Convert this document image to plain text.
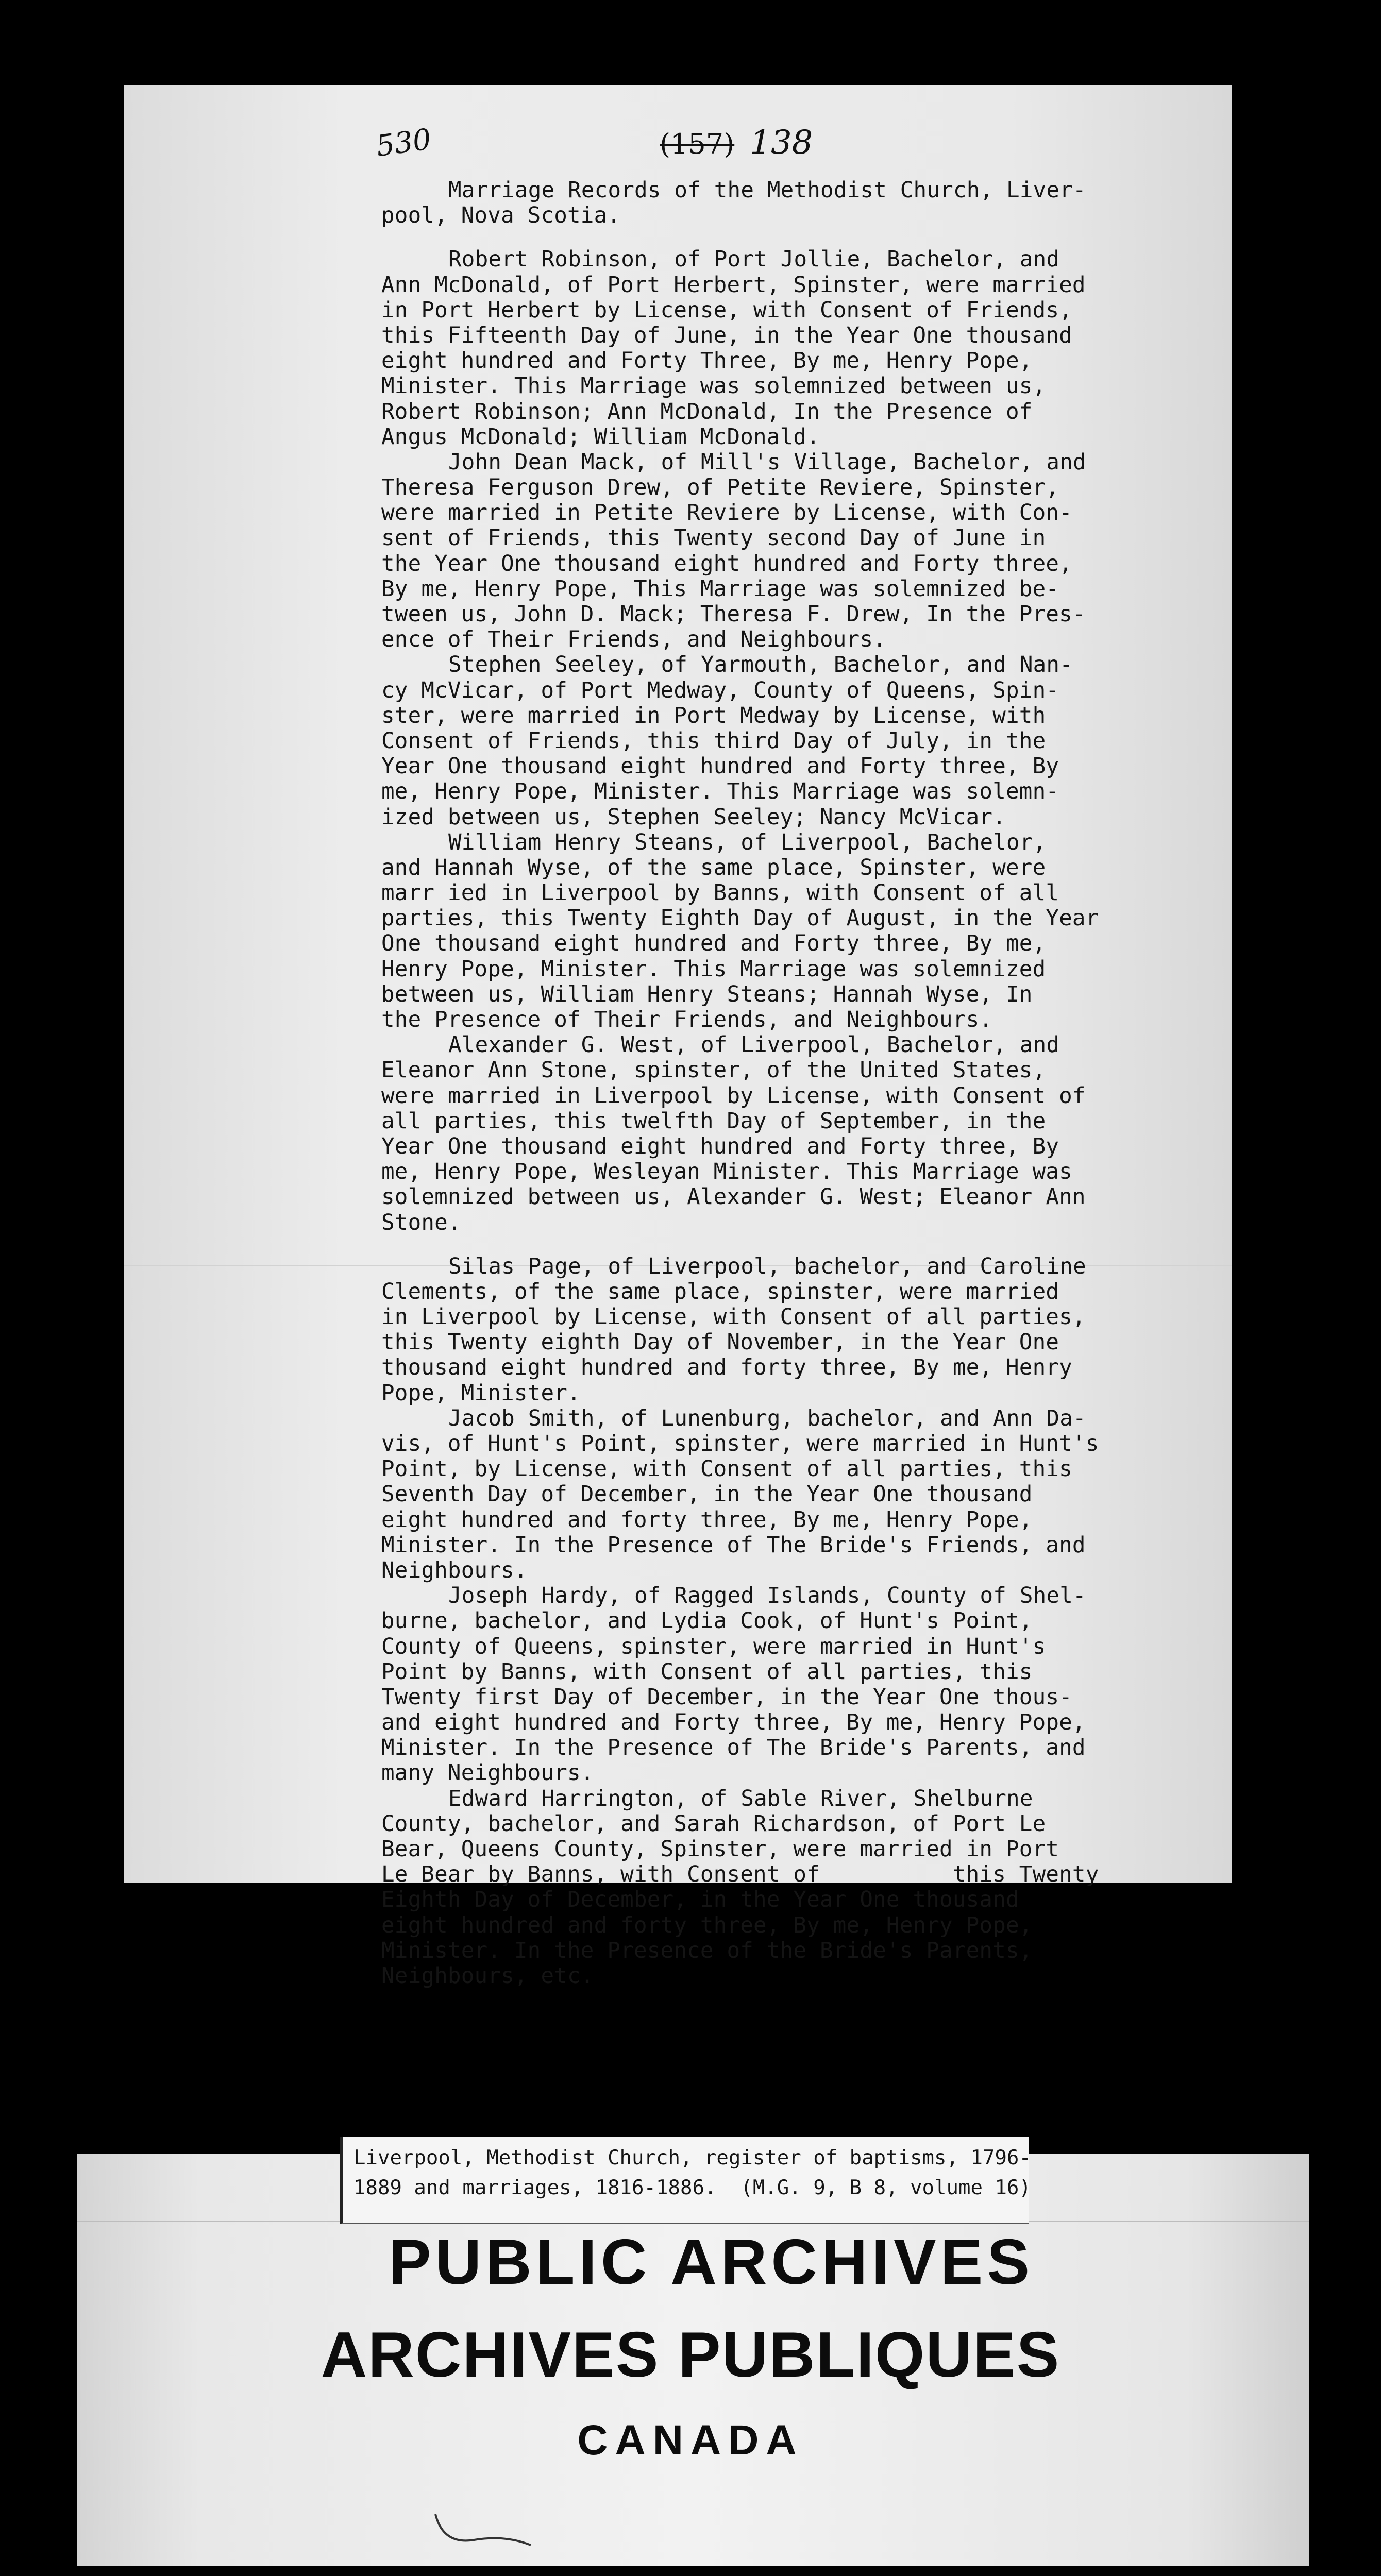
530	(157) 138
Marriage Records of the Methodist Church, Liver-
pool, Nova Scotia.
Robert Robinson, of Port Jollie, Bachelor, and
Ann McDonald, of Port Herbert, Spinster, were married
in Port Herbert by License, with Consent of Friends,
this Fifteenth Day of June, in the Year One thousand
eight hundred and Forty Three, By me, Henry Pope,
Minister. This Marriage was solemnized between us,
Robert Robinson; Ann McDonald, In the Presence of
Angus McDonald; William McDonald.
John Dean Mack, of Mill's Village, Bachelor, and
Theresa Ferguson Drew, of Petite Reviere, Spinster,
were married in Petite Reviere by License, with Con-
sent of Friends, this Twenty second Day of June in
the Year One thousand eight hundred and Forty three,
By me, Henry Pope, This Marriage was solemnized be-
tween us, John D. Mack; Theresa F. Drew, In the Pres-
ence of Their Friends, and Neighbours.
Stephen Seeley, of Yarmouth, Bachelor, and Nan-
cy McVicar, of Port Medway, County of Queens, Spin-
ster, were married in Port Medway by License, with
Consent of Friends, this third Day of July, in the
Year One thousand eight hundred and Forty three, By
me, Henry Pope, Minister. This Marriage was solemn-
ized between us, Stephen Seeley; Nancy McVicar.
William Henry Steans, of Liverpool, Bachelor,
and Hannah Wyse, of the same place, Spinster, were
marr ied in Liverpool by Banns, with Consent of all
parties, this Twenty Eighth Day of August, in the Year
One thousand eight hundred and Forty three, By me,
Henry Pope, Minister. This Marriage was solemnized
between us, William Henry Steans; Hannah Wyse, In
the Presence of Their Friends, and Neighbours.
Alexander G. West, of Liverpool, Bachelor, and
Eleanor Ann Stone, spinster, of the United States,
were married in Liverpool by License, with Consent of
all parties, this twelfth Day of September, in the
Year One thousand eight hundred and Forty three, By
me, Henry Pope, Wesleyan Minister. This Marriage was
solemnized between us, Alexander G. West; Eleanor Ann
Stone.
Silas Page, of Liverpool, bachelor, and Caroline
Clements, of the same place, spinster, were married
in Liverpool by License, with Consent of all parties,
this Twenty eighth Day of November, in the Year One
thousand eight hundred and forty three, By me, Henry
Pope, Minister.
Jacob Smith, of Lunenburg, bachelor, and Ann Da-
vis, of Hunt's Point, spinster, were married in Hunt's
Point, by License, with Consent of all parties, this
Seventh Day of December, in the Year One thousand
eight hundred and forty three, By me, Henry Pope,
Minister. In the Presence of The Bride's Friends, and
Neighbours.
Joseph Hardy, of Ragged Islands, County of Shel-
burne, bachelor, and Lydia Cook, of Hunt's Point,
County of Queens, spinster, were married in Hunt's
Point by Banns, with Consent of all parties, this
Twenty first Day of December, in the Year One thous-
and eight hundred and Forty three, By me, Henry Pope,
Minister. In the Presence of The Bride's Parents, and
many Neighbours.
Edward Harrington, of Sable River, Shelburne
County, bachelor, and Sarah Richardson, of Port Le
Bear, Queens County, Spinster, were married in Port
Le Bear by Banns, with Consent of          this Twenty
Eighth Day of December, in the Year One thousand
eight hundred and forty three, By me, Henry Pope,
Minister. In the Presence of the Bride's Parents,
Neighbours, etc.
Liverpool, Methodist Church, register of baptisms, 1796-
1889 and marriages, 1816-1886.  (M.G. 9, B 8, volume 16)
PUBLIC ARCHIVES
ARCHIVES PUBLIQUES
CANADA
